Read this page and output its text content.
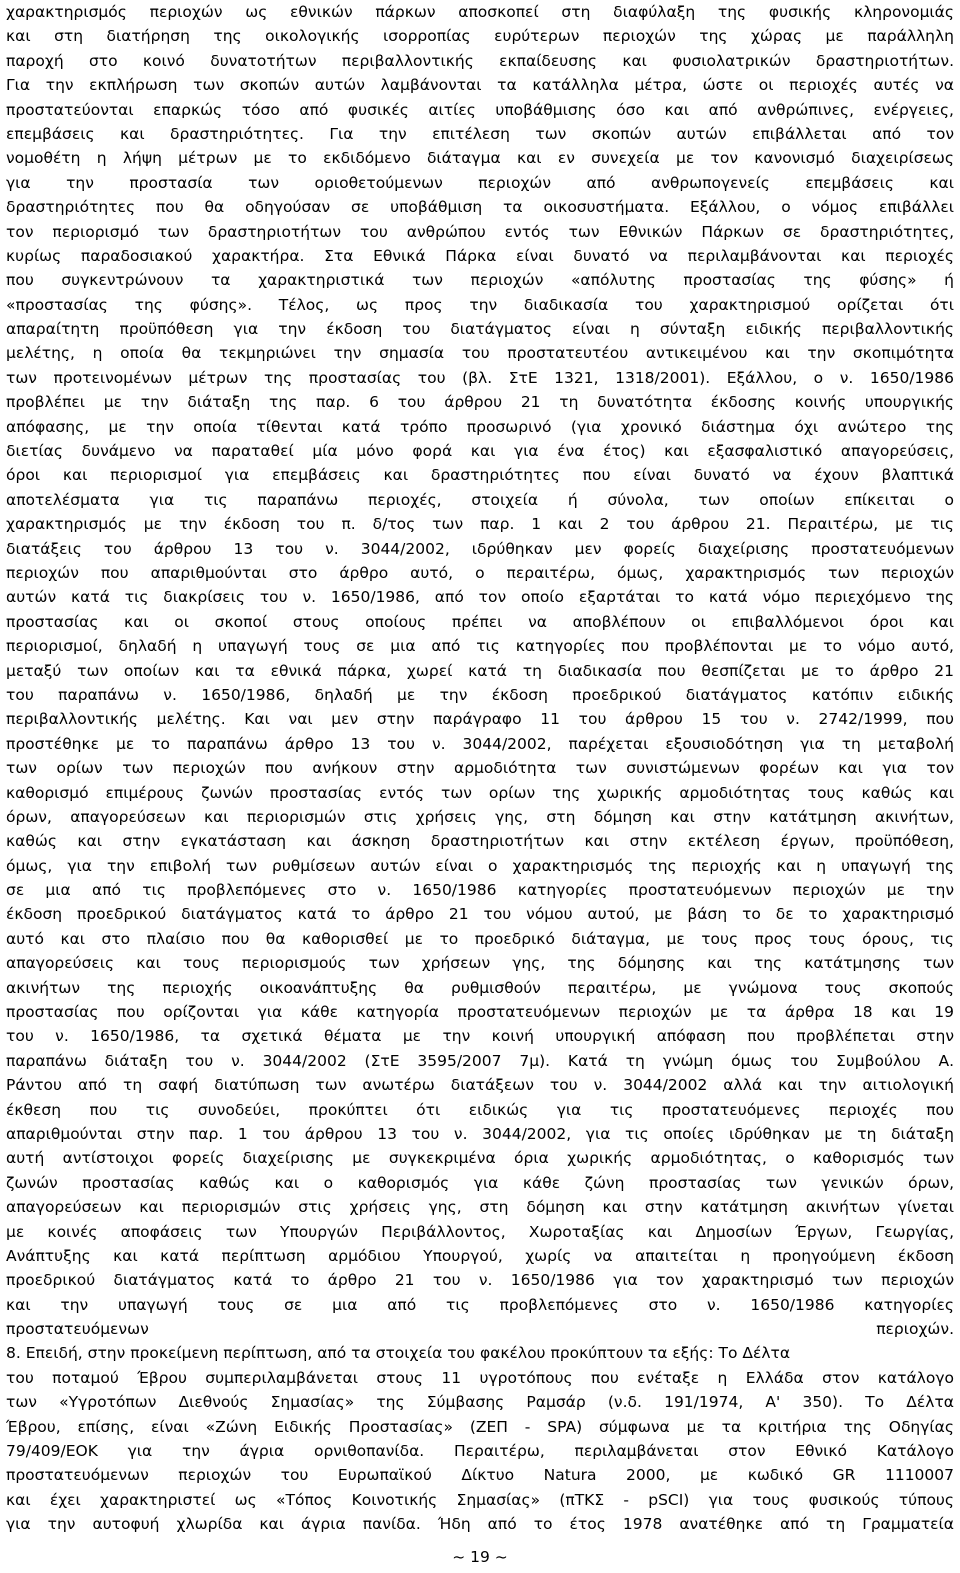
χαρακτηρισμός περιοχών ως εθνικών πάρκων αποσκοπεί στη διαφύλαξη της φυσικής κληρονομιάς
και στη διατήρηση της οικολογικής ισορροπίας ευρύτερων περιοχών της χώρας με παράλληλη
παροχή στο κοινό δυνατοτήτων περιβαλλοντικής εκπαίδευσης και φυσιολατρικών δραστηριοτήτων.
Για την εκπλήρωση των σκοπών αυτών λαμβάνονται τα κατάλληλα μέτρα, ώστε οι περιοχές αυτές να
προστατεύονται επαρκώς τόσο από φυσικές αιτίες υποβάθμισης όσο και από ανθρώπινες, ενέργειες,
επεμβάσεις και δραστηριότητες. Για την επιτέλεση των σκοπών αυτών επιβάλλεται από τον
νομοθέτη η λήψη μέτρων με το εκδιδόμενο διάταγμα και εν συνεχεία με τον κανονισμό διαχειρίσεως
για την προστασία των οριοθετούμενων περιοχών από ανθρωπογενείς επεμβάσεις και
δραστηριότητες που θα οδηγούσαν σε υποβάθμιση τα οικοσυστήματα. Εξάλλου, ο νόμος επιβάλλει
τον περιορισμό των δραστηριοτήτων του ανθρώπου εντός των Εθνικών Πάρκων σε δραστηριότητες,
κυρίως παραδοσιακού χαρακτήρα. Στα Εθνικά Πάρκα είναι δυνατό να περιλαμβάνονται και περιοχές
που συγκεντρώνουν τα χαρακτηριστικά των περιοχών «απόλυτης προστασίας της φύσης» ή
«προστασίας της φύσης». Τέλος, ως προς την διαδικασία του χαρακτηρισμού ορίζεται ότι
απαραίτητη προϋπόθεση για την έκδοση του διατάγματος είναι η σύνταξη ειδικής περιβαλλοντικής
μελέτης, η οποία θα τεκμηριώνει την σημασία του προστατευτέου αντικειμένου και την σκοπιμότητα
των προτεινομένων μέτρων της προστασίας του (βλ. ΣτΕ 1321, 1318/2001). Εξάλλου, ο ν. 1650/1986
προβλέπει με την διάταξη της παρ. 6 του άρθρου 21 τη δυνατότητα έκδοσης κοινής υπουργικής
απόφασης, με την οποία τίθενται κατά τρόπο προσωρινό (για χρονικό διάστημα όχι ανώτερο της
διετίας δυνάμενο να παραταθεί μία μόνο φορά και για ένα έτος) και εξασφαλιστικό απαγορεύσεις,
όροι και περιορισμοί για επεμβάσεις και δραστηριότητες που είναι δυνατό να έχουν βλαπτικά
αποτελέσματα για τις παραπάνω περιοχές, στοιχεία ή σύνολα, των οποίων επίκειται ο
χαρακτηρισμός με την έκδοση του π. δ/τος των παρ. 1 και 2 του άρθρου 21. Περαιτέρω, με τις
διατάξεις του άρθρου 13 του ν. 3044/2002, ιδρύθηκαν μεν φορείς διαχείρισης προστατευόμενων
περιοχών που απαριθμούνται στο άρθρο αυτό, ο περαιτέρω, όμως, χαρακτηρισμός των περιοχών
αυτών κατά τις διακρίσεις του ν. 1650/1986, από τον οποίο εξαρτάται το κατά νόμο περιεχόμενο της
προστασίας και οι σκοποί στους οποίους πρέπει να αποβλέπουν οι επιβαλλόμενοι όροι και
περιορισμοί, δηλαδή η υπαγωγή τους σε μια από τις κατηγορίες που προβλέπονται με το νόμο αυτό,
μεταξύ των οποίων και τα εθνικά πάρκα, χωρεί κατά τη διαδικασία που θεσπίζεται με το άρθρο 21
του παραπάνω ν. 1650/1986, δηλαδή με την έκδοση προεδρικού διατάγματος κατόπιν ειδικής
περιβαλλοντικής μελέτης. Και ναι μεν στην παράγραφο 11 του άρθρου 15 του ν. 2742/1999, που
προστέθηκε με το παραπάνω άρθρο 13 του ν. 3044/2002, παρέχεται εξουσιοδότηση για τη μεταβολή
των ορίων των περιοχών που ανήκουν στην αρμοδιότητα των συνιστώμενων φορέων και για τον
καθορισμό επιμέρους ζωνών προστασίας εντός των ορίων της χωρικής αρμοδιότητας τους καθώς και
όρων, απαγορεύσεων και περιορισμών στις χρήσεις γης, στη δόμηση και στην κατάτμηση ακινήτων,
καθώς και στην εγκατάσταση και άσκηση δραστηριοτήτων και στην εκτέλεση έργων, προϋπόθεση,
όμως, για την επιβολή των ρυθμίσεων αυτών είναι ο χαρακτηρισμός της περιοχής και η υπαγωγή της
σε μια από τις προβλεπόμενες στο ν. 1650/1986 κατηγορίες προστατευόμενων περιοχών με την
έκδοση προεδρικού διατάγματος κατά το άρθρο 21 του νόμου αυτού, με βάση το δε το χαρακτηρισμό
αυτό και στο πλαίσιο που θα καθορισθεί με το προεδρικό διάταγμα, με τους προς τους όρους, τις
απαγορεύσεις και τους περιορισμούς των χρήσεων γης, της δόμησης και της κατάτμησης των
ακινήτων της περιοχής οικοανάπτυξης θα ρυθμισθούν περαιτέρω, με γνώμονα τους σκοπούς
προστασίας που ορίζονται για κάθε κατηγορία προστατευόμενων περιοχών με τα άρθρα 18 και 19
του ν. 1650/1986, τα σχετικά θέματα με την κοινή υπουργική απόφαση που προβλέπεται στην
παραπάνω διάταξη του ν. 3044/2002 (ΣτΕ 3595/2007 7μ). Κατά τη γνώμη όμως του Συμβούλου Α.
Ράντου από τη σαφή διατύπωση των ανωτέρω διατάξεων του ν. 3044/2002 αλλά και την αιτιολογική
έκθεση που τις συνοδεύει, προκύπτει ότι ειδικώς για τις προστατευόμενες περιοχές που
απαριθμούνται στην παρ. 1 του άρθρου 13 του ν. 3044/2002, για τις οποίες ιδρύθηκαν με τη διάταξη
αυτή αντίστοιχοι φορείς διαχείρισης με συγκεκριμένα όρια χωρικής αρμοδιότητας, ο καθορισμός των
ζωνών προστασίας καθώς και ο καθορισμός για κάθε ζώνη προστασίας των γενικών όρων,
απαγορεύσεων και περιορισμών στις χρήσεις γης, στη δόμηση και στην κατάτμηση ακινήτων γίνεται
με κοινές αποφάσεις των Υπουργών Περιβάλλοντος, Χωροταξίας και Δημοσίων Έργων, Γεωργίας,
Ανάπτυξης και κατά περίπτωση αρμόδιου Υπουργού, χωρίς να απαιτείται η προηγούμενη έκδοση
προεδρικού διατάγματος κατά το άρθρο 21 του ν. 1650/1986 για τον χαρακτηρισμό των περιοχών
και την υπαγωγή τους σε μια από τις προβλεπόμενες στο ν. 1650/1986 κατηγορίες
προστατευόμενων περιοχών.
8. Επειδή, στην προκείμενη περίπτωση, από τα στοιχεία του φακέλου προκύπτουν τα εξής: Το Δέλτα
του ποταμού Έβρου συμπεριλαμβάνεται στους 11 υγροτόπους που ενέταξε η Ελλάδα στον κατάλογο
των «Υγροτόπων Διεθνούς Σημασίας» της Σύμβασης Ραμσάρ (ν.δ. 191/1974, Α' 350). Το Δέλτα
Έβρου, επίσης, είναι «Ζώνη Ειδικής Προστασίας» (ΖΕΠ - SPA) σύμφωνα με τα κριτήρια της Οδηγίας
79/409/ΕΟΚ για την άγρια ορνιθοπανίδα. Περαιτέρω, περιλαμβάνεται στον Εθνικό Κατάλογο
προστατευόμενων περιοχών του Ευρωπαϊκού Δίκτυο Natura 2000, με κωδικό GR 1110007
και έχει χαρακτηριστεί ως «Τόπος Κοινοτικής Σημασίας» (πΤΚΣ - pSCI) για τους φυσικούς τύπους
για την αυτοφυή χλωρίδα και άγρια πανίδα. Ήδη από το έτος 1978 ανατέθηκε από τη Γραμματεία
~ 19 ~
